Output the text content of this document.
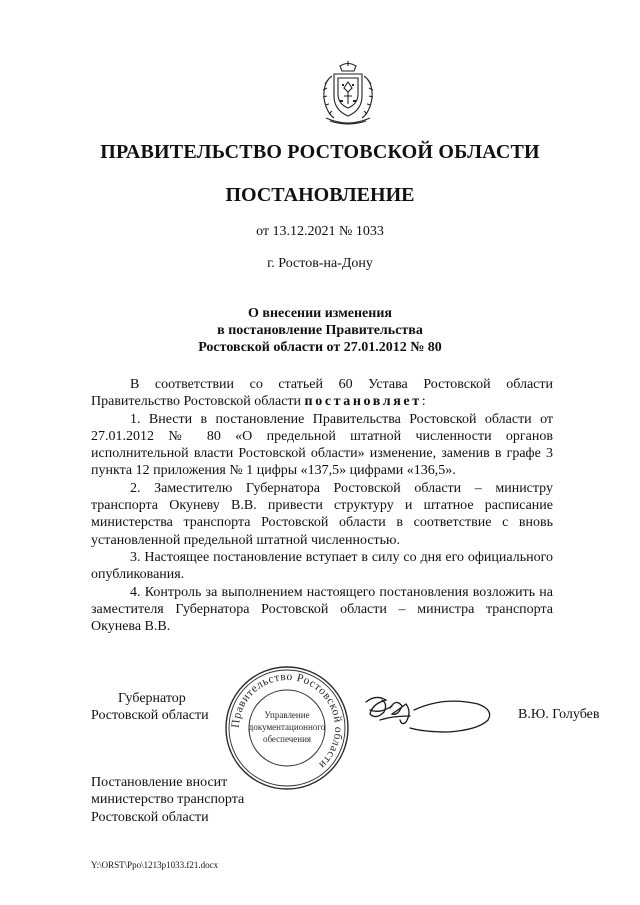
ПРАВИТЕЛЬСТВО РОСТОВСКОЙ ОБЛАСТИ
ПОСТАНОВЛЕНИЕ
от 13.12.2021 № 1033
г. Ростов-на-Дону
О внесении изменения
в постановление Правительства
Ростовской области от 27.01.2012 № 80

В соответствии со статьей 60 Устава Ростовской области Правительство Ростовской области постановляет:

1. Внести в постановление Правительства Ростовской области от 27.01.2012 № 80 «О предельной штатной численности органов исполнительной власти Ростовской области» изменение, заменив в графе 3 пункта 12 приложения № 1 цифры «137,5» цифрами «136,5».

2. Заместителю Губернатора Ростовской области – министру транспорта Окуневу В.В. привести структуру и штатное расписание министерства транспорта Ростовской области в соответствие с вновь установленной предельной штатной численностью.

3. Настоящее постановление вступает в силу со дня его официального опубликования.

4. Контроль за выполнением настоящего постановления возложить на заместителя Губернатора Ростовской области – министра транспорта Окунева В.В.

Губернатор
Ростовской области
Правительство Ростовской области
Управление
документационного
обеспечения
В.Ю. Голубев
Постановление вносит
министерство транспорта
Ростовской области
Y:\ORST\Ppo\1213p1033.f21.docx
